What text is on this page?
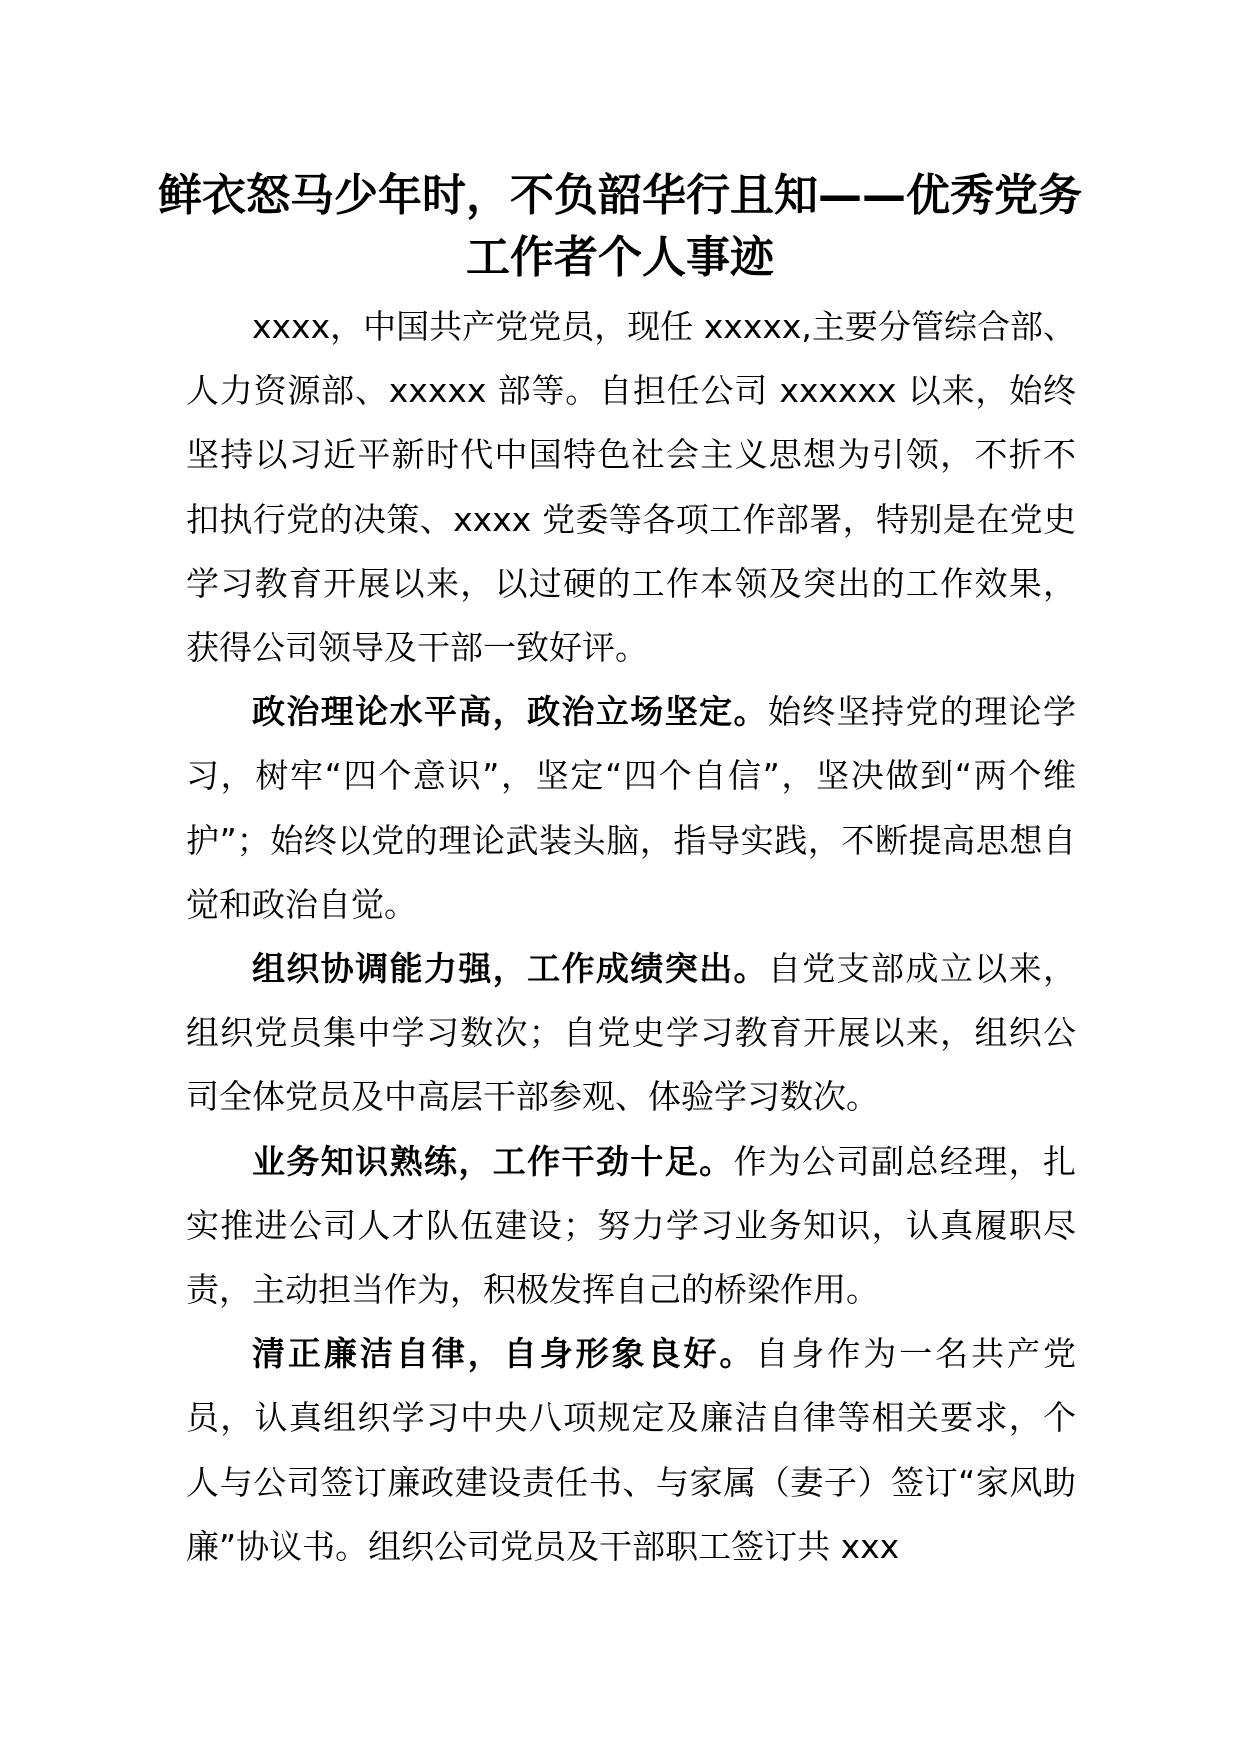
鲜衣怒马少年时，不负韶华行且知——优秀党务工作者个人事迹

xxxx，中国共产党党员，现任 xxxxx,主要分管综合部、人力资源部、xxxxx 部等。自担任公司 xxxxxx 以来，始终坚持以习近平新时代中国特色社会主义思想为引领，不折不扣执行党的决策、xxxx 党委等各项工作部署，特别是在党史学习教育开展以来，以过硬的工作本领及突出的工作效果，获得公司领导及干部一致好评。

政治理论水平高，政治立场坚定。始终坚持党的理论学习，树牢“四个意识”，坚定“四个自信”，坚决做到“两个维护”；始终以党的理论武装头脑，指导实践，不断提高思想自觉和政治自觉。

组织协调能力强，工作成绩突出。自党支部成立以来，组织党员集中学习数次；自党史学习教育开展以来，组织公司全体党员及中高层干部参观、体验学习数次。

业务知识熟练，工作干劲十足。作为公司副总经理，扎实推进公司人才队伍建设；努力学习业务知识，认真履职尽责，主动担当作为，积极发挥自己的桥梁作用。

清正廉洁自律，自身形象良好。自身作为一名共产党员，认真组织学习中央八项规定及廉洁自律等相关要求，个人与公司签订廉政建设责任书、与家属（妻子）签订“家风助廉”协议书。组织公司党员及干部职工签订共 xxx
